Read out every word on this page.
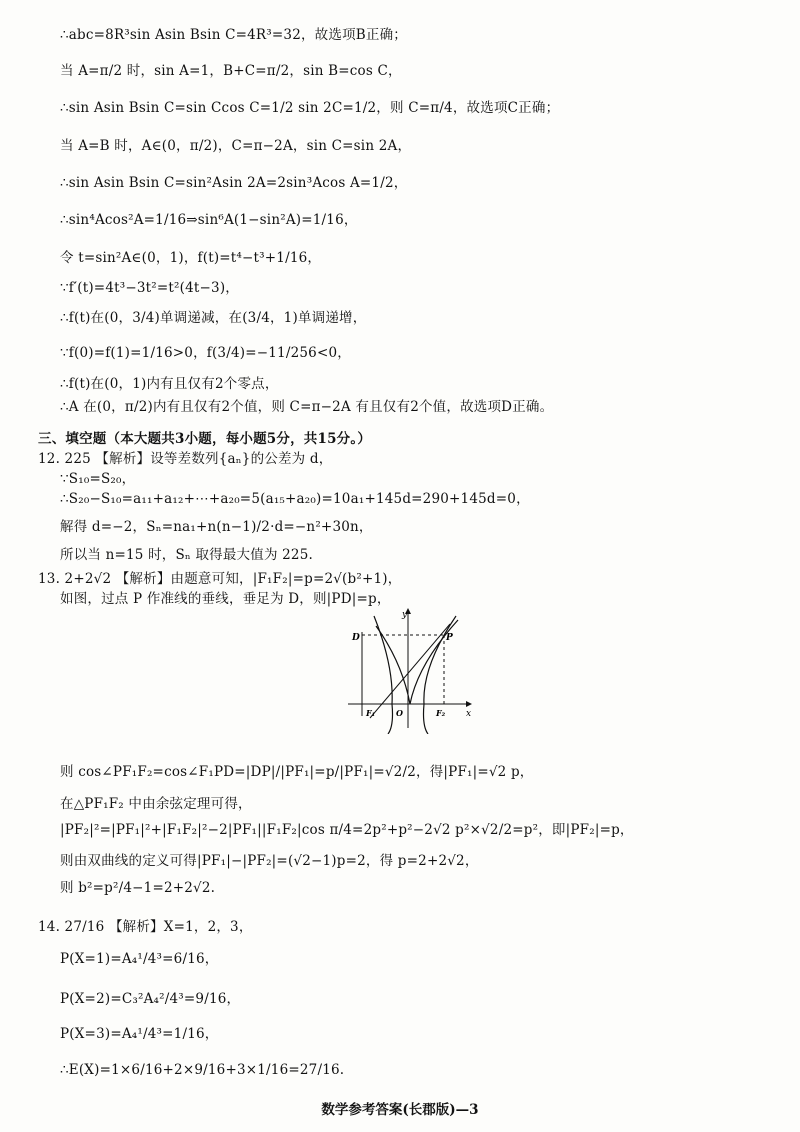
∴abc=8R³sin Asin Bsin C=4R³=32，故选项B正确；
当 A=π/2 时，sin A=1，B+C=π/2，sin B=cos C，
∴sin Asin Bsin C=sin Ccos C=1/2 sin 2C=1/2，则 C=π/4，故选项C正确；
当 A=B 时，A∈(0，π/2)，C=π−2A，sin C=sin 2A，
∴sin Asin Bsin C=sin²Asin 2A=2sin³Acos A=1/2，
∴sin⁴Acos²A=1/16⇒sin⁶A(1−sin²A)=1/16，
令 t=sin²A∈(0，1)，f(t)=t⁴−t³+1/16，
∵f′(t)=4t³−3t²=t²(4t−3)，
∴f(t)在(0，3/4)单调递减，在(3/4，1)单调递增，
∵f(0)=f(1)=1/16>0，f(3/4)=−11/256<0，
∴f(t)在(0，1)内有且仅有2个零点，
∴A 在(0，π/2)内有且仅有2个值，则 C=π−2A 有且仅有2个值，故选项D正确。
三、填空题（本大题共3小题，每小题5分，共15分。）
12. 225 【解析】设等差数列{aₙ}的公差为 d，
∵S₁₀=S₂₀，
∴S₂₀−S₁₀=a₁₁+a₁₂+⋯+a₂₀=5(a₁₅+a₂₀)=10a₁+145d=290+145d=0，
解得 d=−2，Sₙ=na₁+n(n−1)/2·d=−n²+30n，
所以当 n=15 时，Sₙ 取得最大值为 225.
13. 2+2√2 【解析】由题意可知，|F₁F₂|=p=2√(b²+1)，
如图，过点 P 作准线的垂线，垂足为 D，则|PD|=p，
y
x
D	P
F₁	O	F₂
则 cos∠PF₁F₂=cos∠F₁PD=|DP|/|PF₁|=p/|PF₁|=√2/2，得|PF₁|=√2 p，
在△PF₁F₂ 中由余弦定理可得，
|PF₂|²=|PF₁|²+|F₁F₂|²−2|PF₁||F₁F₂|cos π/4=2p²+p²−2√2 p²×√2/2=p²，即|PF₂|=p，
则由双曲线的定义可得|PF₁|−|PF₂|=(√2−1)p=2，得 p=2+2√2，
则 b²=p²/4−1=2+2√2.
14. 27/16 【解析】X=1，2，3，
P(X=1)=A₄¹/4³=6/16，
P(X=2)=C₃²A₄²/4³=9/16，
P(X=3)=A₄¹/4³=1/16，
∴E(X)=1×6/16+2×9/16+3×1/16=27/16.
数学参考答案(长郡版)—3
